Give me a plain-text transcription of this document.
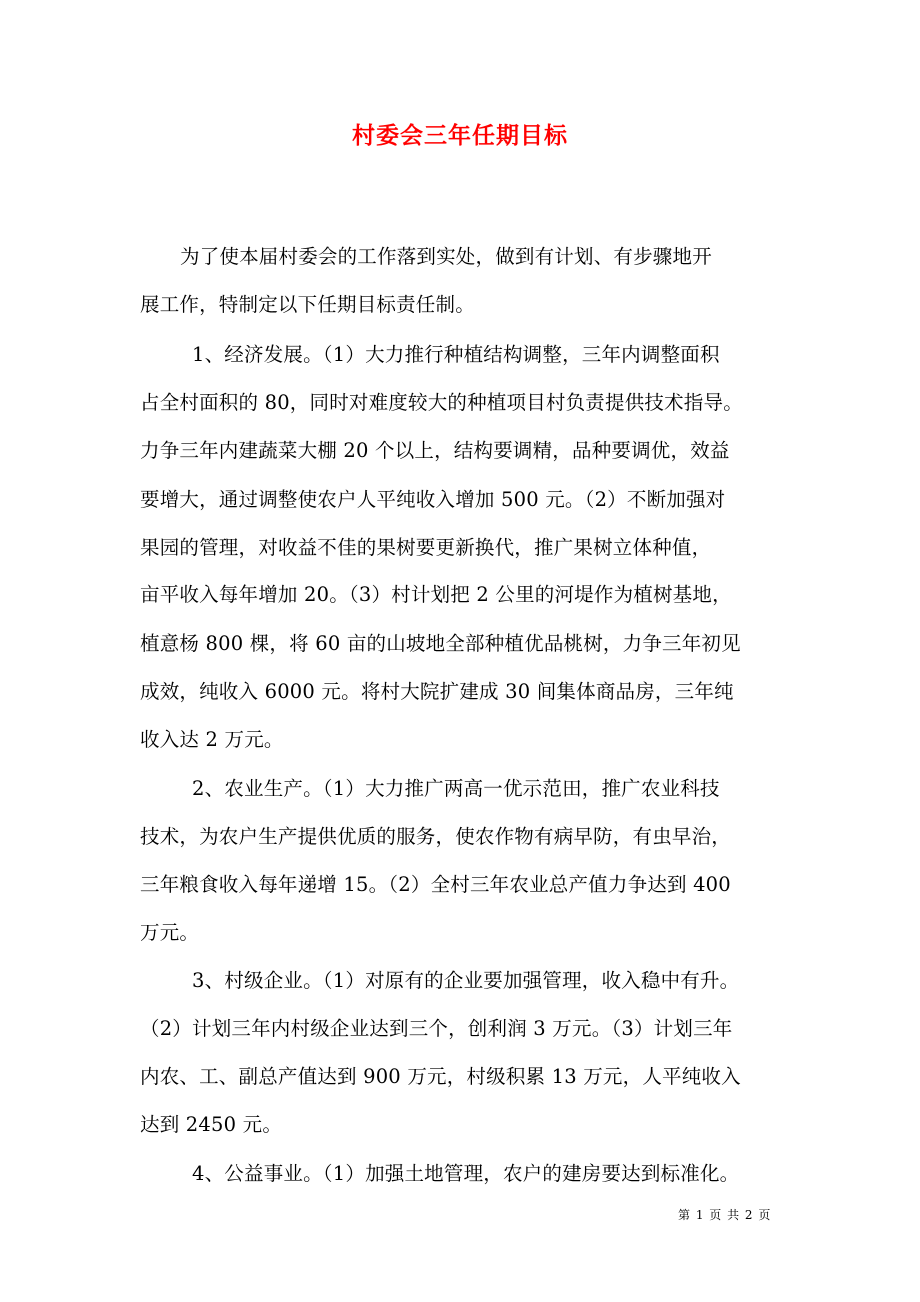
村委会三年任期目标
为了使本届村委会的工作落到实处，做到有计划、有步骤地开
展工作，特制定以下任期目标责任制。
1、经济发展。（1）大力推行种植结构调整，三年内调整面积
占全村面积的 80，同时对难度较大的种植项目村负责提供技术指导。
力争三年内建蔬菜大棚 20 个以上，结构要调精，品种要调优，效益
要增大，通过调整使农户人平纯收入增加 500 元。（2）不断加强对
果园的管理，对收益不佳的果树要更新换代，推广果树立体种值，
亩平收入每年增加 20。（3）村计划把 2 公里的河堤作为植树基地，
植意杨 800 棵，将 60 亩的山坡地全部种植优品桃树，力争三年初见
成效，纯收入 6000 元。将村大院扩建成 30 间集体商品房，三年纯
收入达 2 万元。
2、农业生产。（1）大力推广两高一优示范田，推广农业科技
技术，为农户生产提供优质的服务，使农作物有病早防，有虫早治，
三年粮食收入每年递增 15。（2）全村三年农业总产值力争达到 400
万元。
3、村级企业。（1）对原有的企业要加强管理，收入稳中有升。
（2）计划三年内村级企业达到三个，创利润 3 万元。（3）计划三年
内农、工、副总产值达到 900 万元，村级积累 13 万元，人平纯收入
达到 2450 元。
4、公益事业。（1）加强土地管理，农户的建房要达到标准化。
第 1 页 共 2 页
